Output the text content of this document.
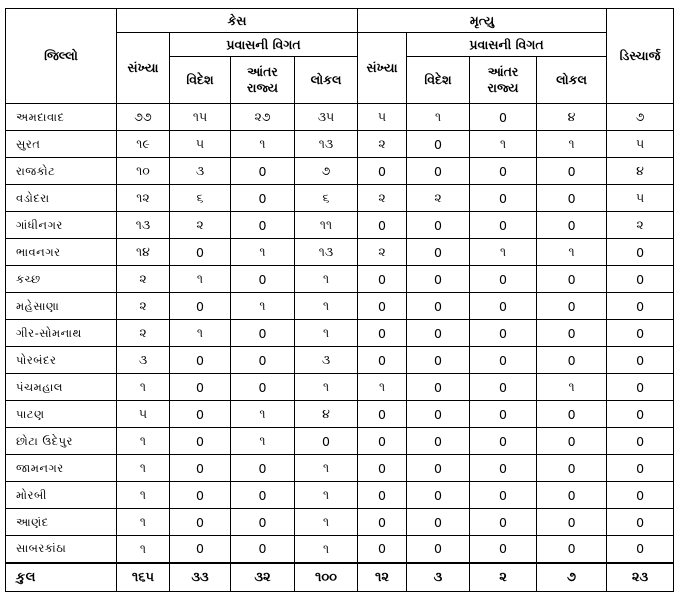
જિલ્લો	કેસ				મૃત્યુ				ડિસ્ચાર્જ
	સંખ્યા	પ્રવાસની વિગત			સંખ્યા	પ્રવાસની વિગત			
		વિદેશ	આંતર રાજ્ય	લોકલ		વિદેશ	આંતર રાજ્ય	લોકલ	
અમદાવાદ	૭૭	૧૫	૨૭	૩૫	૫	૧	0	૪	૭
સુરત	૧૯	૫	૧	૧૩	૨	0	૧	૧	૫
રાજકોટ	૧૦	૩	0	૭	0	0	0	0	૪
વડોદરા	૧૨	૬	0	૬	૨	૨	0	0	૫
ગાંધીનગર	૧૩	૨	0	૧૧	0	0	0	0	૨
ભાવનગર	૧૪	0	૧	૧૩	૨	0	૧	૧	0
કચ્છ	૨	૧	0	૧	0	0	0	0	0
મહેસાણા	૨	0	૧	૧	0	0	0	0	0
ગીર-સોમનાથ	૨	૧	0	૧	0	0	0	0	0
પોરબંદર	૩	0	0	૩	0	0	0	0	0
પંચમહાલ	૧	0	0	૧	૧	0	0	૧	0
પાટણ	૫	0	૧	૪	0	0	0	0	0
છોટા ઉદેપુર	૧	0	૧	0	0	0	0	0	0
જામનગર	૧	0	0	૧	0	0	0	0	0
મોરબી	૧	0	0	૧	0	0	0	0	0
આણંદ	૧	0	0	૧	0	0	0	0	0
સાબરકાંઠા	૧	0	0	૧	0	0	0	0	0
કુલ	૧૬૫	૩૩	૩૨	૧૦૦	૧૨	૩	૨	૭	૨૩
